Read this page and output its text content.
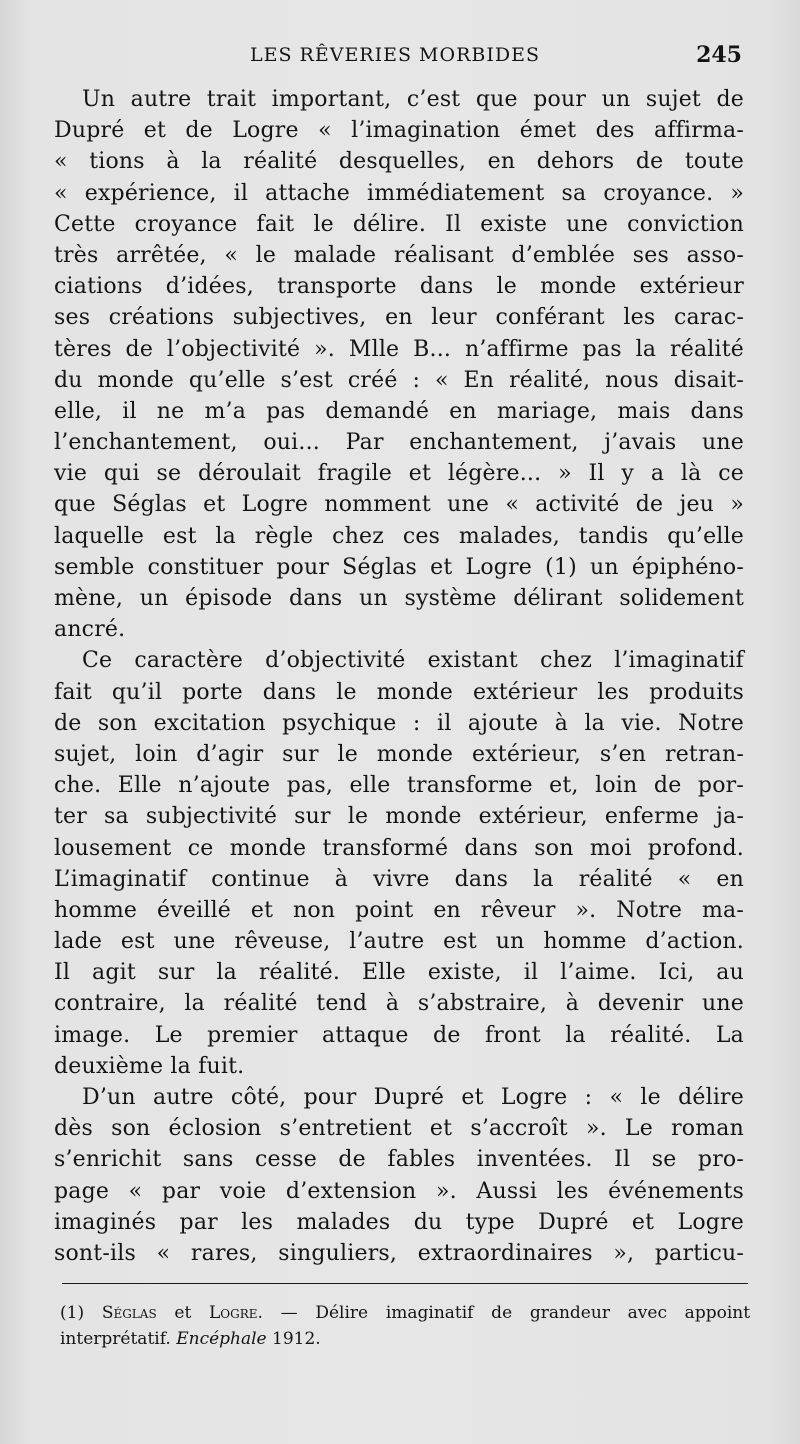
LES RÊVERIES MORBIDES	245
Un autre trait important, c’est que pour un sujet de
Dupré et de Logre « l’imagination émet des affirma-
« tions à la réalité desquelles, en dehors de toute
« expérience, il attache immédiatement sa croyance. »
Cette croyance fait le délire. Il existe une conviction
très arrêtée, « le malade réalisant d’emblée ses asso-
ciations d’idées, transporte dans le monde extérieur
ses créations subjectives, en leur conférant les carac-
tères de l’objectivité ». Mlle B... n’affirme pas la réalité
du monde qu’elle s’est créé : « En réalité, nous disait-
elle, il ne m’a pas demandé en mariage, mais dans
l’enchantement, oui... Par enchantement, j’avais une
vie qui se déroulait fragile et légère... » Il y a là ce
que Séglas et Logre nomment une « activité de jeu »
laquelle est la règle chez ces malades, tandis qu’elle
semble constituer pour Séglas et Logre (1) un épiphéno-
mène, un épisode dans un système délirant solidement
ancré.
Ce caractère d’objectivité existant chez l’imaginatif
fait qu’il porte dans le monde extérieur les produits
de son excitation psychique : il ajoute à la vie. Notre
sujet, loin d’agir sur le monde extérieur, s’en retran-
che. Elle n’ajoute pas, elle transforme et, loin de por-
ter sa subjectivité sur le monde extérieur, enferme ja-
lousement ce monde transformé dans son moi profond.
L’imaginatif continue à vivre dans la réalité « en
homme éveillé et non point en rêveur ». Notre ma-
lade est une rêveuse, l’autre est un homme d’action.
Il agit sur la réalité. Elle existe, il l’aime. Ici, au
contraire, la réalité tend à s’abstraire, à devenir une
image. Le premier attaque de front la réalité. La
deuxième la fuit.
D’un autre côté, pour Dupré et Logre : « le délire
dès son éclosion s’entretient et s’accroît ». Le roman
s’enrichit sans cesse de fables inventées. Il se pro-
page « par voie d’extension ». Aussi les événements
imaginés par les malades du type Dupré et Logre
sont-ils « rares, singuliers, extraordinaires », particu-
(1) Séglas et Logre. — Délire imaginatif de grandeur avec appoint
interprétatif. Encéphale 1912.
